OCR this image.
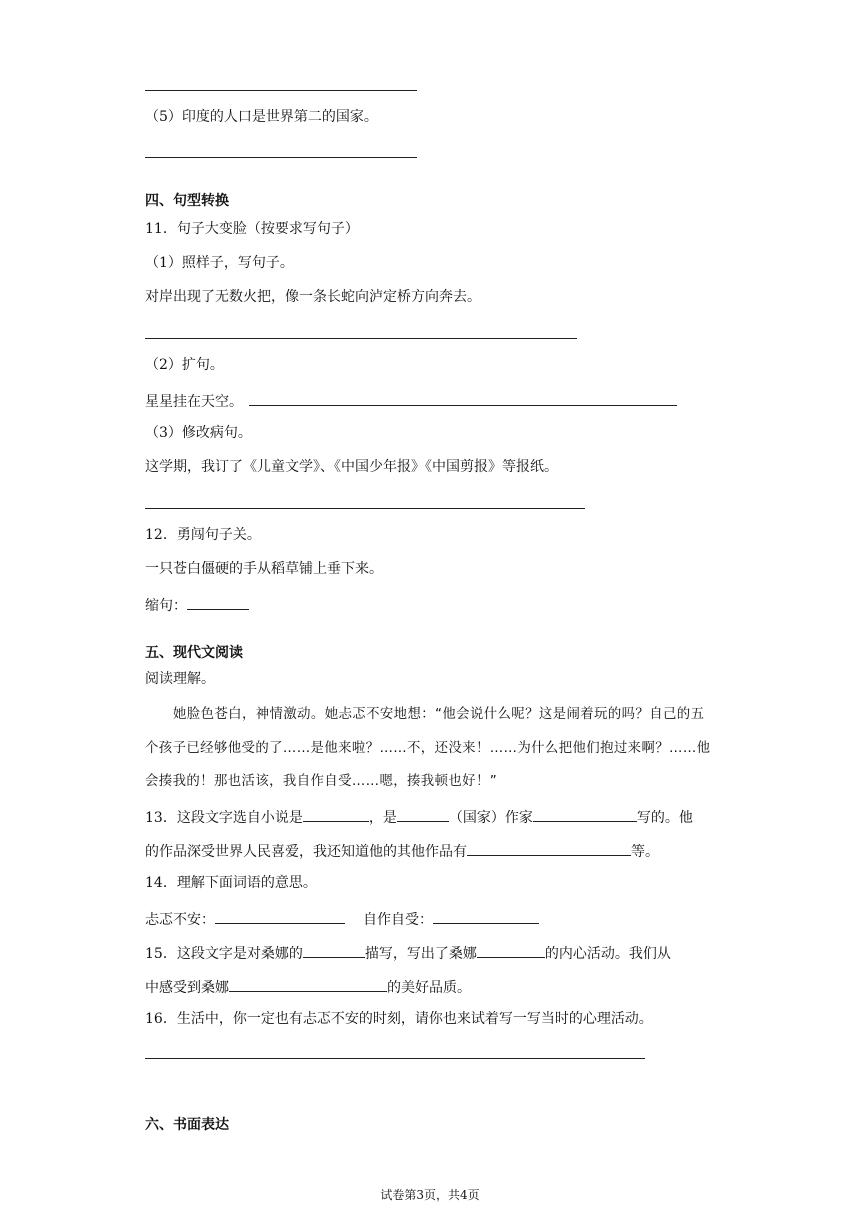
（5）印度的人口是世界第二的国家。
四、句型转换
11．句子大变脸（按要求写句子）
（1）照样子，写句子。
对岸出现了无数火把，像一条长蛇向泸定桥方向奔去。
（2）扩句。
星星挂在天空。
（3）修改病句。
这学期，我订了《儿童文学》、《中国少年报》《中国剪报》等报纸。
12．勇闯句子关。
一只苍白僵硬的手从稻草铺上垂下来。
缩句：
五、现代文阅读
阅读理解。
她脸色苍白，神情激动。她忐忑不安地想：“他会说什么呢？这是闹着玩的吗？自己的五个孩子已经够他受的了……是他来啦？……不，还没来！……为什么把他们抱过来啊？……他会揍我的！那也活该，我自作自受……嗯，揍我顿也好！”
13．这段文字选自小说是	，是	（国家）作家	写的。他
的作品深受世界人民喜爱，我还知道他的其他作品有	等。
14．理解下面词语的意思。
忐忑不安：	自作自受：
15．这段文字是对桑娜的	描写，写出了桑娜	的内心活动。我们从
中感受到桑娜	的美好品质。
16．生活中，你一定也有忐忑不安的时刻，请你也来试着写一写当时的心理活动。
六、书面表达
试卷第3页，共4页
